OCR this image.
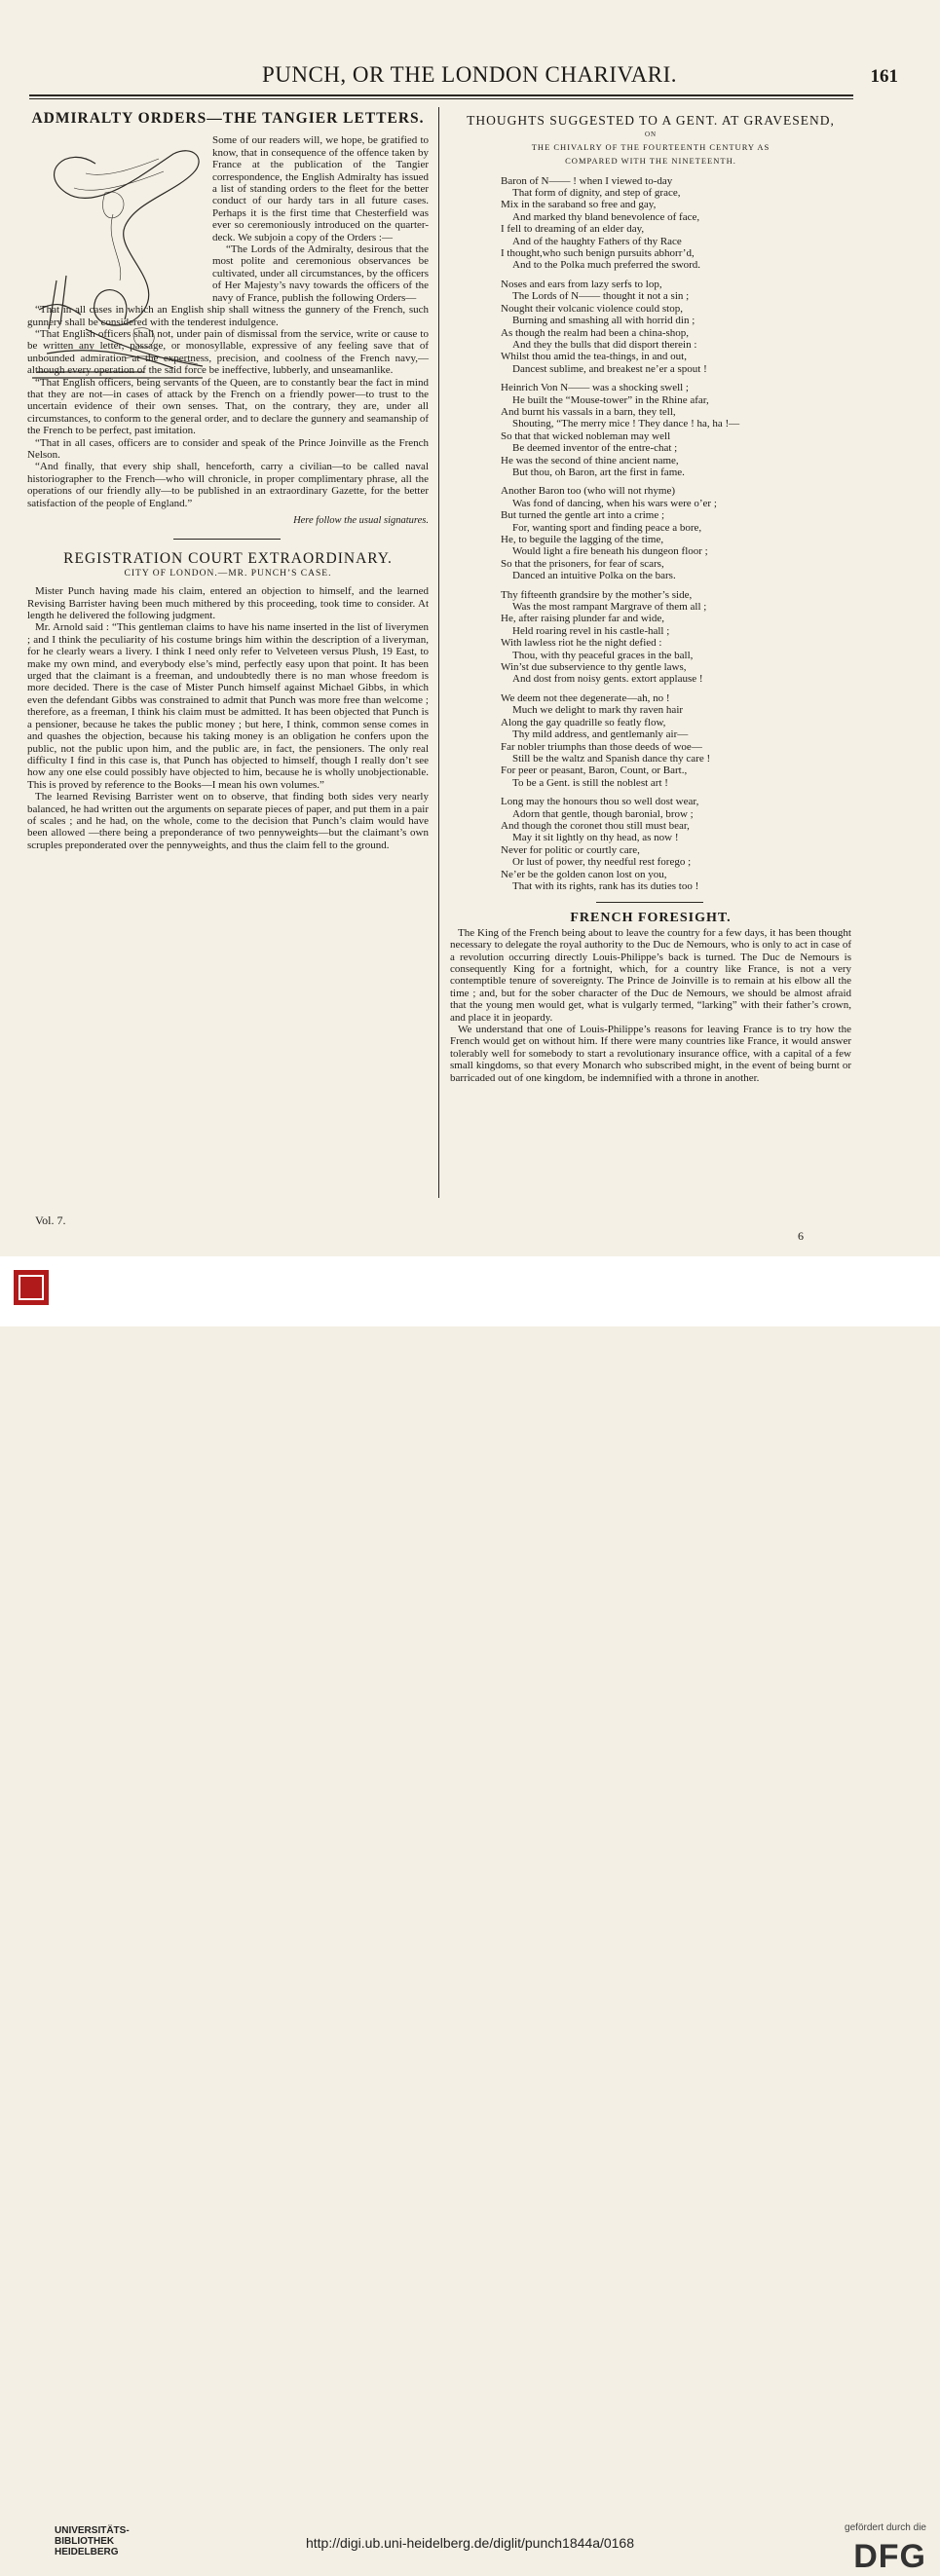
PUNCH, OR THE LONDON CHARIVARI.	161
ADMIRALTY ORDERS—THE TANGIER LETTERS.

Some of our readers will, we hope, be gratified to know, that in consequence of the offence taken by France at the publication of the Tangier correspondence, the English Admiralty has issued a list of standing orders to the fleet for the better conduct of our hardy tars in all future cases. Perhaps it is the first time that Chesterfield was ever so ceremoniously introduced on the quarter-deck. We subjoin a copy of the Orders :—

“The Lords of the Admiralty, desirous that the most polite and ceremonious observances be cultivated, under all circumstances, by the officers of Her Majesty’s navy towards the officers of the navy of France, publish the following Orders—

“That in all cases in which an English ship shall witness the gunnery of the French, such gunnery shall be considered with the tenderest indulgence.

“That English officers shall not, under pain of dismissal from the service, write or cause to be written any letter, passage, or monosyllable, expressive of any feeling save that of unbounded admiration at the expertness, precision, and coolness of the French navy,—although every operation of the said force be ineffective, lubberly, and unseamanlike.

“That English officers, being servants of the Queen, are to constantly bear the fact in mind that they are not—in cases of attack by the French on a friendly power—to trust to the uncertain evidence of their own senses. That, on the contrary, they are, under all circumstances, to conform to the general order, and to declare the gunnery and seamanship of the French to be perfect, past imitation.

“That in all cases, officers are to consider and speak of the Prince Joinville as the French Nelson.

“And finally, that every ship shall, henceforth, carry a civilian—to be called naval historiographer to the French—who will chronicle, in proper complimentary phrase, all the operations of our friendly ally—to be published in an extraordinary Gazette, for the better satisfaction of the people of England.”

Here follow the usual signatures.
REGISTRATION COURT EXTRAORDINARY.
CITY OF LONDON.—MR. PUNCH’S CASE.

Mister Punch having made his claim, entered an objection to himself, and the learned Revising Barrister having been much mithered by this proceeding, took time to consider. At length he delivered the following judgment.

Mr. Arnold said : “This gentleman claims to have his name inserted in the list of liverymen ; and I think the peculiarity of his costume brings him within the description of a liveryman, for he clearly wears a livery. I think I need only refer to Velveteen versus Plush, 19 East, to make my own mind, and everybody else’s mind, perfectly easy upon that point. It has been urged that the claimant is a freeman, and undoubtedly there is no man whose freedom is more decided. There is the case of Mister Punch himself against Michael Gibbs, in which even the defendant Gibbs was constrained to admit that Punch was more free than welcome ; therefore, as a freeman, I think his claim must be admitted. It has been objected that Punch is a pensioner, because he takes the public money ; but here, I think, common sense comes in and quashes the objection, because his taking money is an obligation he confers upon the public, not the public upon him, and the public are, in fact, the pensioners. The only real difficulty I find in this case is, that Punch has objected to himself, though I really don’t see how any one else could possibly have objected to him, because he is wholly unobjectionable. This is proved by reference to the Books—I mean his own volumes.”

The learned Revising Barrister went on to observe, that finding both sides very nearly balanced, he had written out the arguments on separate pieces of paper, and put them in a pair of scales ; and he had, on the whole, come to the decision that Punch’s claim would have been allowed —there being a preponderance of two pennyweights—but the claimant’s own scruples preponderated over the pennyweights, and thus the claim fell to the ground.

THOUGHTS SUGGESTED TO A GENT. AT GRAVESEND,
ON
THE CHIVALRY OF THE FOURTEENTH CENTURY AS
COMPARED WITH THE NINETEENTH.

Baron of N—— ! when I viewed to-day

That form of dignity, and step of grace,

Mix in the saraband so free and gay,

And marked thy bland benevolence of face,

I fell to dreaming of an elder day,

And of the haughty Fathers of thy Race

I thought,who such benign pursuits abhorr’d,

And to the Polka much preferred the sword.

Noses and ears from lazy serfs to lop,

The Lords of N—— thought it not a sin ;

Nought their volcanic violence could stop,

Burning and smashing all with horrid din ;

As though the realm had been a china-shop,

And they the bulls that did disport therein :

Whilst thou amid the tea-things, in and out,

Dancest sublime, and breakest ne’er a spout !

Heinrich Von N—— was a shocking swell ;

He built the “Mouse-tower” in the Rhine afar,

And burnt his vassals in a barn, they tell,

Shouting, “The merry mice ! They dance ! ha, ha !—

So that that wicked nobleman may well

Be deemed inventor of the entre-chat ;

He was the second of thine ancient name,

But thou, oh Baron, art the first in fame.

Another Baron too (who will not rhyme)

Was fond of dancing, when his wars were o’er ;

But turned the gentle art into a crime ;

For, wanting sport and finding peace a bore,

He, to beguile the lagging of the time,

Would light a fire beneath his dungeon floor ;

So that the prisoners, for fear of scars,

Danced an intuitive Polka on the bars.

Thy fifteenth grandsire by the mother’s side,

Was the most rampant Margrave of them all ;

He, after raising plunder far and wide,

Held roaring revel in his castle-hall ;

With lawless riot he the night defied :

Thou, with thy peaceful graces in the ball,

Win’st due subservience to thy gentle laws,

And dost from noisy gents. extort applause !

We deem not thee degenerate—ah, no !

Much we delight to mark thy raven hair

Along the gay quadrille so featly flow,

Thy mild address, and gentlemanly air—

Far nobler triumphs than those deeds of woe—

Still be the waltz and Spanish dance thy care !

For peer or peasant, Baron, Count, or Bart.,

To be a Gent. is still the noblest art !

Long may the honours thou so well dost wear,

Adorn that gentle, though baronial, brow ;

And though the coronet thou still must bear,

May it sit lightly on thy head, as now !

Never for politic or courtly care,

Or lust of power, thy needful rest forego ;

Ne’er be the golden canon lost on you,

That with its rights, rank has its duties too !

FRENCH FORESIGHT.

The King of the French being about to leave the country for a few days, it has been thought necessary to delegate the royal authority to the Duc de Nemours, who is only to act in case of a revolution occurring directly Louis-Philippe’s back is turned. The Duc de Nemours is consequently King for a fortnight, which, for a country like France, is not a very contemptible tenure of sovereignty. The Prince de Joinville is to remain at his elbow all the time ; and, but for the sober character of the Duc de Nemours, we should be almost afraid that the young men would get, what is vulgarly termed, “larking” with their father’s crown, and place it in jeopardy.

We understand that one of Louis-Philippe’s reasons for leaving France is to try how the French would get on without him. If there were many countries like France, it would answer tolerably well for somebody to start a revolutionary insurance office, with a capital of a few small kingdoms, so that every Monarch who subscribed might, in the event of being burnt or barricaded out of one kingdom, be indemnified with a throne in another.

Vol. 7.
6
UNIVERSITÄTS-
BIBLIOTHEK
HEIDELBERG
http://digi.ub.uni-heidelberg.de/diglit/punch1844a/0168
gefördert durch die
DFG
